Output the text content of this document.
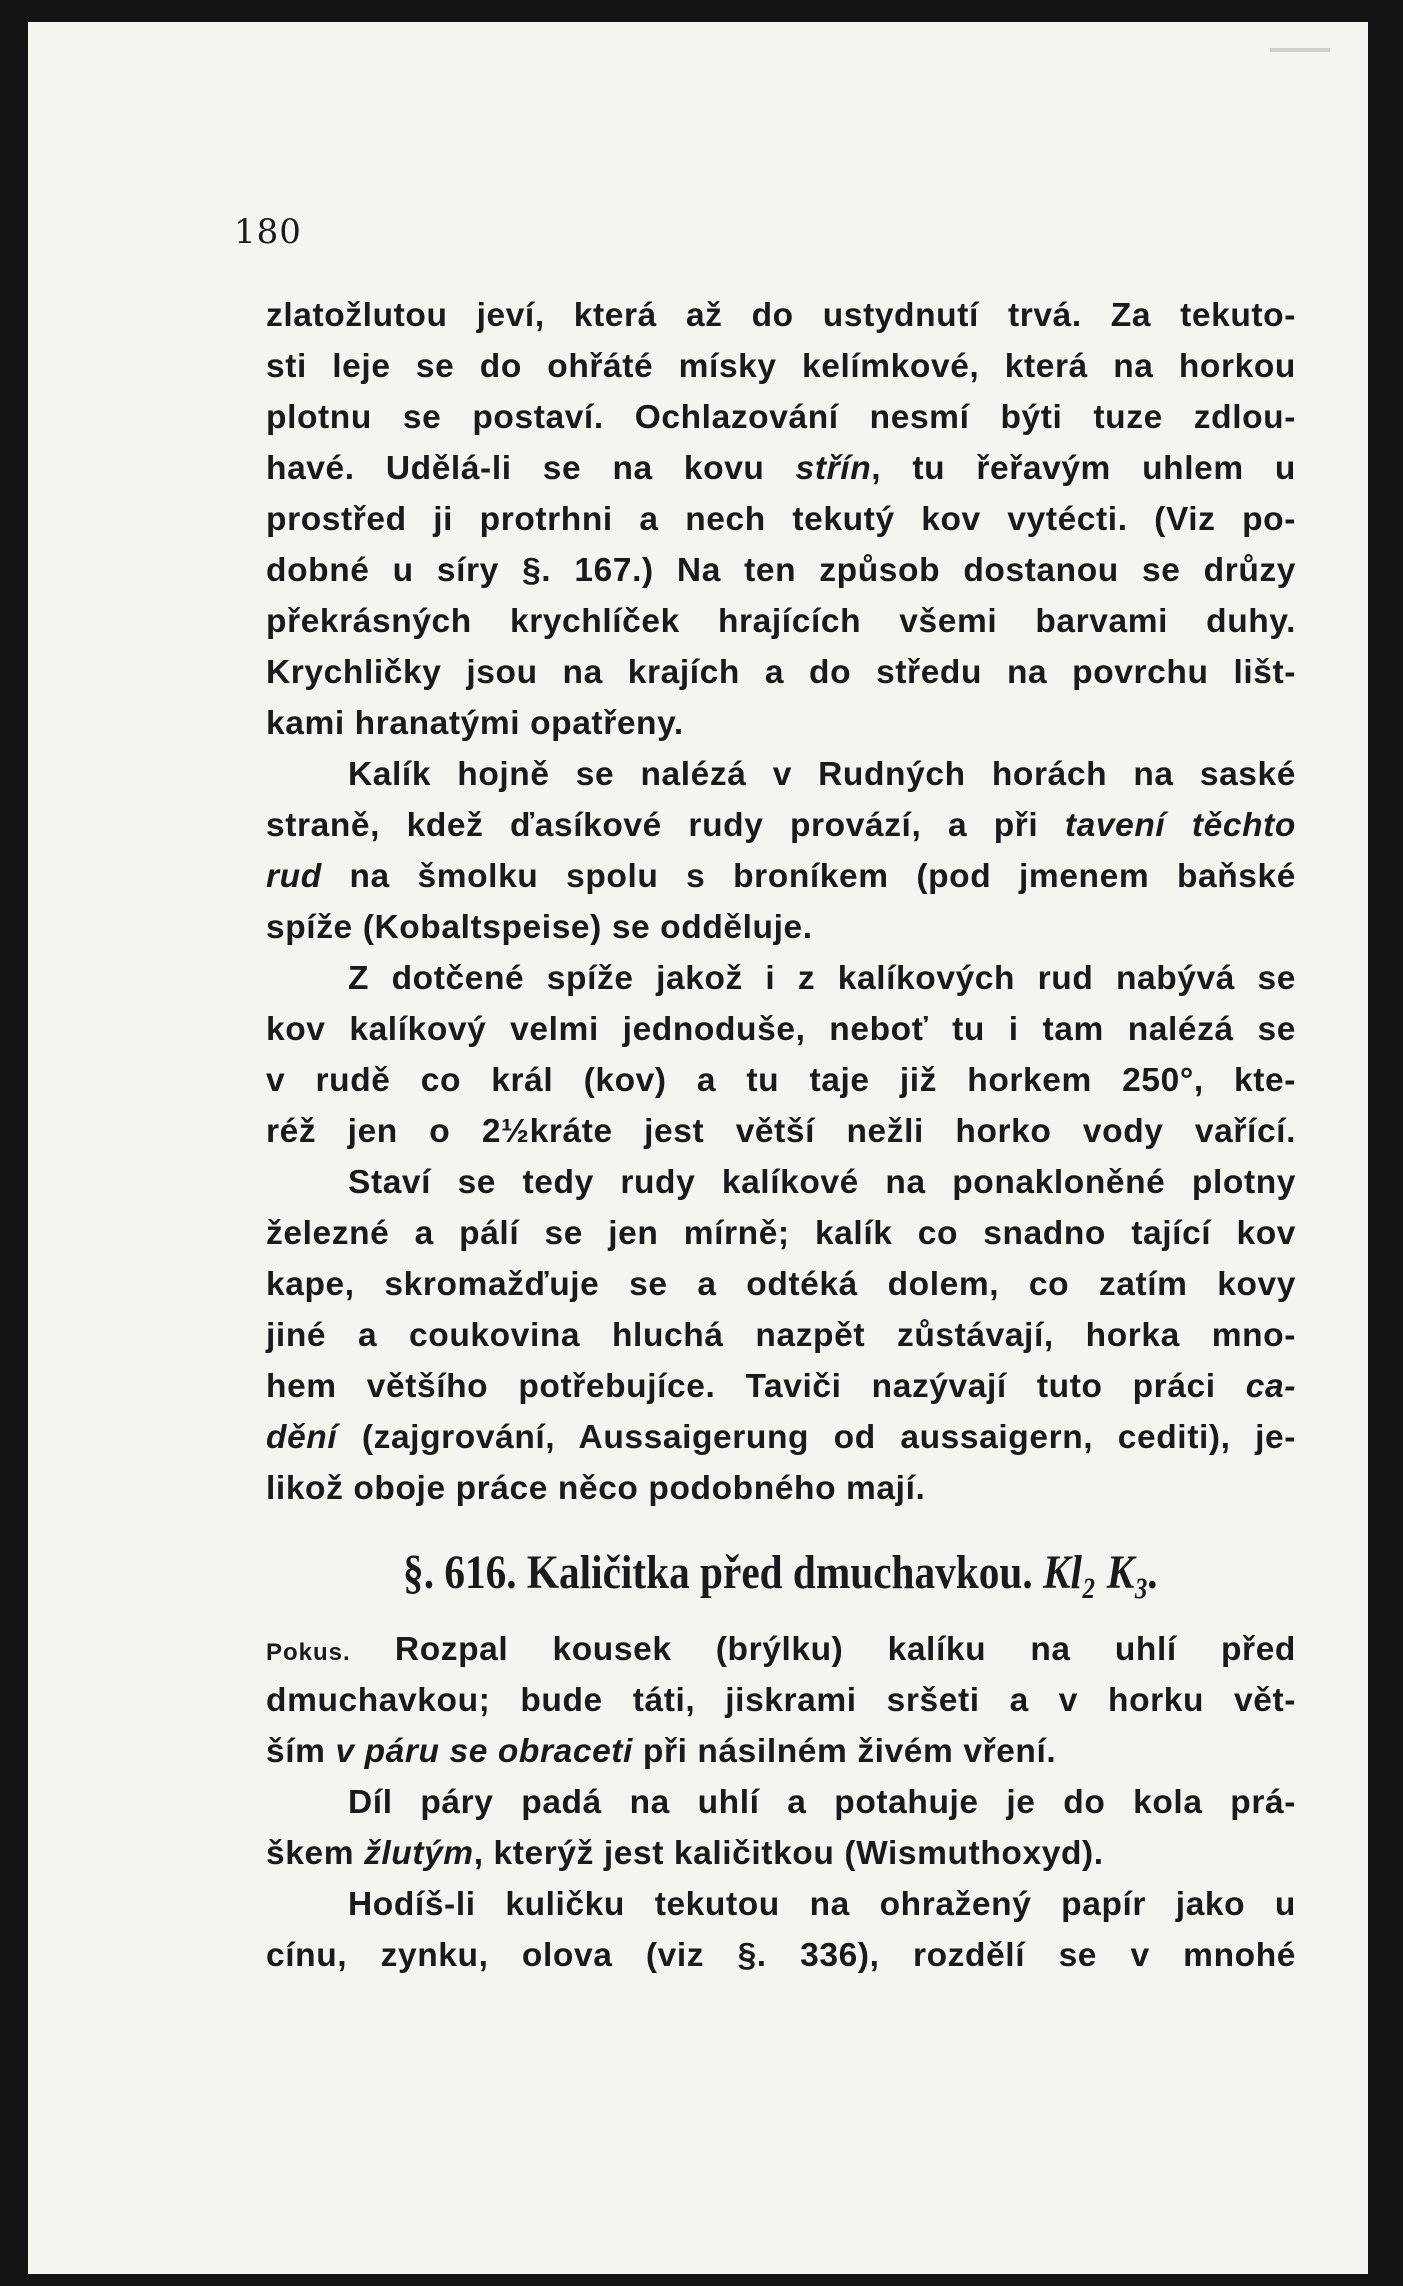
180
zlatožlutou jeví, která až do ustydnutí trvá. Za tekuto-
sti leje se do ohřáté mísky kelímkové, která na horkou
plotnu se postaví. Ochlazování nesmí býti tuze zdlou-
havé. Udělá-li se na kovu střín, tu řeřavým uhlem u
prostřed ji protrhni a nech tekutý kov vytécti. (Viz po-
dobné u síry §. 167.) Na ten způsob dostanou se drůzy
překrásných krychlíček hrajících všemi barvami duhy.
Krychličky jsou na krajích a do středu na povrchu lišt-
kami hranatými opatřeny.
Kalík hojně se nalézá v Rudných horách na saské
straně, kdež ďasíkové rudy provází, a při tavení těchto
rud na šmolku spolu s broníkem (pod jmenem baňské
spíže (Kobaltspeise) se odděluje.
Z dotčené spíže jakož i z kalíkových rud nabývá se
kov kalíkový velmi jednoduše, neboť tu i tam nalézá se
v rudě co král (kov) a tu taje již horkem 250°, kte-
réž jen o 2½kráte jest větší nežli horko vody vařící.
Staví se tedy rudy kalíkové na ponakloněné plotny
železné a pálí se jen mírně; kalík co snadno tající kov
kape, skromažďuje se a odtéká dolem, co zatím kovy
jiné a coukovina hluchá nazpět zůstávají, horka mno-
hem většího potřebujíce. Taviči nazývají tuto práci ca-
dění (zajgrování, Aussaigerung od aussaigern, cediti), je-
likož oboje práce něco podobného mají.
§. 616. Kaličitka před dmuchavkou. Kl₂ K₃.
Pokus. Rozpal kousek (brýlku) kalíku na uhlí před
dmuchavkou; bude táti, jiskrami sršeti a v horku vět-
ším v páru se obraceti při násilném živém vření.
Díl páry padá na uhlí a potahuje je do kola prá-
škem žlutým, kterýž jest kaličitkou (Wismuthoxyd).
Hodíš-li kuličku tekutou na ohražený papír jako u
cínu, zynku, olova (viz §. 336), rozdělí se v mnohé
